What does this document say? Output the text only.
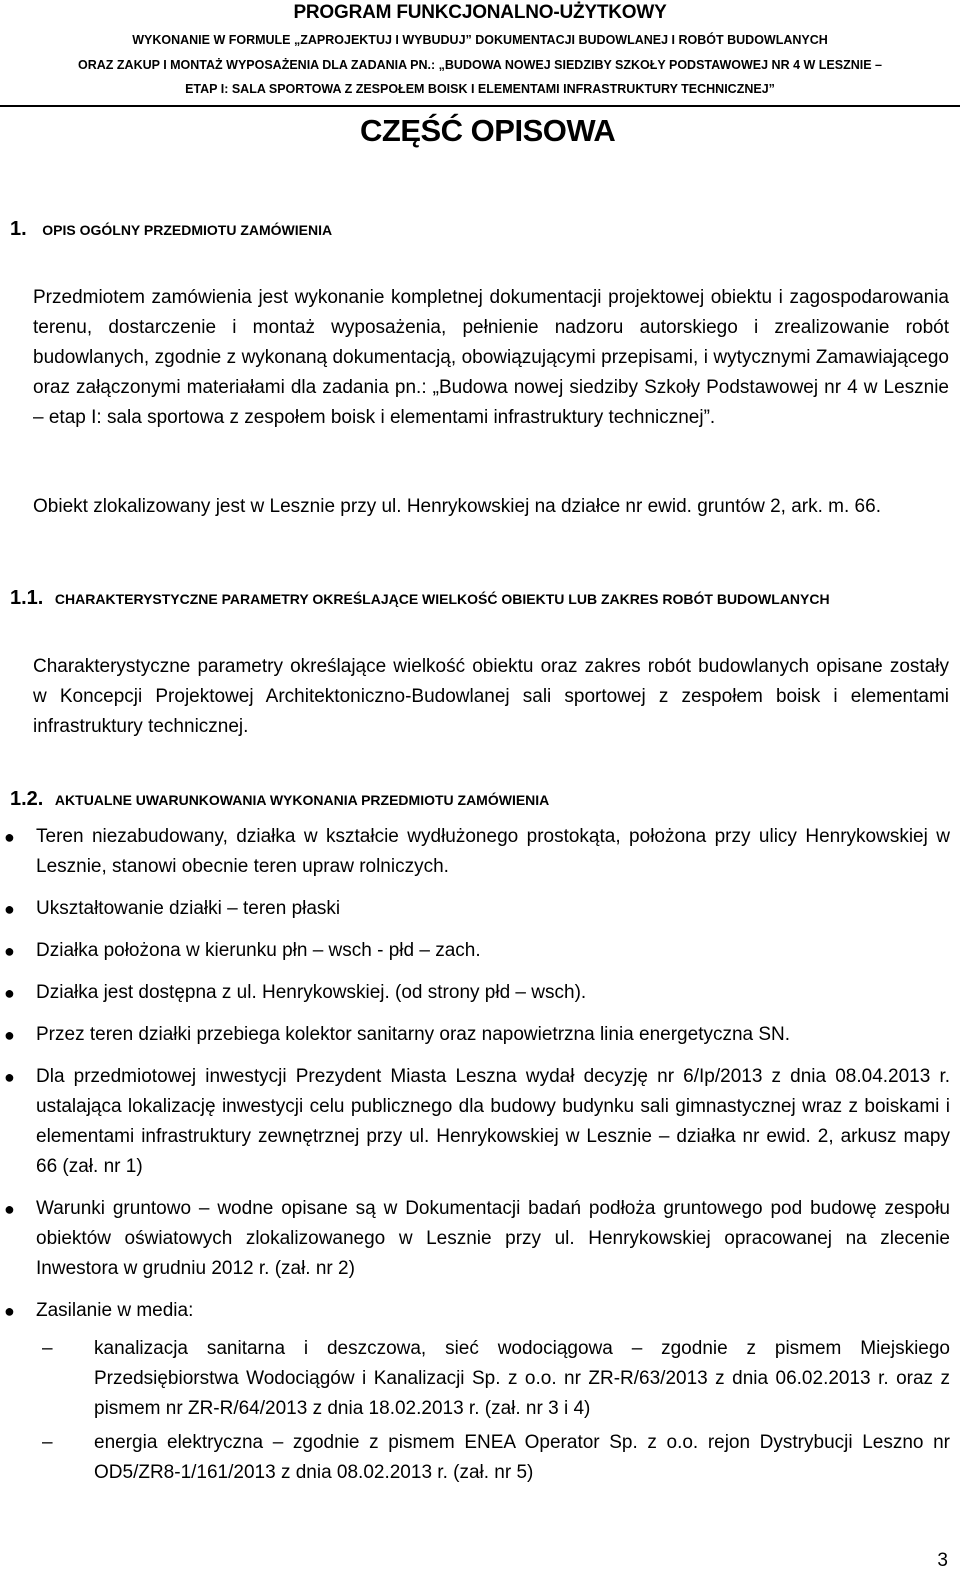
PROGRAM FUNKCJONALNO-UŻYTKOWY
WYKONANIE W FORMULE „ZAPROJEKTUJ I WYBUDUJ” DOKUMENTACJI BUDOWLANEJ I ROBÓT BUDOWLANYCH
ORAZ ZAKUP I MONTAŻ WYPOSAŻENIA DLA ZADANIA PN.: „BUDOWA NOWEJ SIEDZIBY SZKOŁY PODSTAWOWEJ NR 4 W LESZNIE –
ETAP I: SALA SPORTOWA Z ZESPOŁEM BOISK I ELEMENTAMI INFRASTRUKTURY TECHNICZNEJ”
CZĘŚĆ OPISOWA
1. OPIS OGÓLNY PRZEDMIOTU ZAMÓWIENIA
Przedmiotem zamówienia jest wykonanie kompletnej dokumentacji projektowej obiektu i zagospodarowania terenu, dostarczenie i montaż wyposażenia, pełnienie nadzoru autorskiego i zrealizowanie robót budowlanych, zgodnie z wykonaną dokumentacją, obowiązującymi przepisami, i wytycznymi Zamawiającego oraz załączonymi materiałami dla zadania pn.: „Budowa nowej siedziby Szkoły Podstawowej nr 4 w Lesznie – etap I: sala sportowa z zespołem boisk i elementami infrastruktury technicznej”.
Obiekt zlokalizowany jest w Lesznie przy ul. Henrykowskiej na działce nr ewid. gruntów 2, ark. m. 66.
1.1. CHARAKTERYSTYCZNE PARAMETRY OKREŚLAJĄCE WIELKOŚĆ OBIEKTU LUB ZAKRES ROBÓT BUDOWLANYCH
Charakterystyczne parametry określające wielkość obiektu oraz zakres robót budowlanych opisane zostały w Koncepcji Projektowej Architektoniczno-Budowlanej sali sportowej z zespołem boisk i elementami infrastruktury technicznej.
1.2. AKTUALNE UWARUNKOWANIA WYKONANIA PRZEDMIOTU ZAMÓWIENIA
● Teren niezabudowany, działka w kształcie wydłużonego prostokąta, położona przy ulicy Henrykowskiej w Lesznie, stanowi obecnie teren upraw rolniczych.
● Ukształtowanie działki – teren płaski
● Działka położona w kierunku płn – wsch - płd – zach.
● Działka jest dostępna z ul. Henrykowskiej. (od strony płd – wsch).
● Przez teren działki przebiega kolektor sanitarny oraz napowietrzna linia energetyczna SN.
● Dla przedmiotowej inwestycji Prezydent Miasta Leszna wydał decyzję nr 6/Ip/2013 z dnia 08.04.2013 r. ustalająca lokalizację inwestycji celu publicznego dla budowy budynku sali gimnastycznej wraz z boiskami i elementami infrastruktury zewnętrznej przy ul. Henrykowskiej w Lesznie – działka nr ewid. 2, arkusz mapy 66 (zał. nr 1)
● Warunki gruntowo – wodne opisane są w Dokumentacji badań podłoża gruntowego pod budowę zespołu obiektów oświatowych zlokalizowanego w Lesznie przy ul. Henrykowskiej opracowanej na zlecenie Inwestora w grudniu 2012 r. (zał. nr 2)
● Zasilanie w media:
– kanalizacja sanitarna i deszczowa, sieć wodociągowa – zgodnie z pismem Miejskiego Przedsiębiorstwa Wodociągów i Kanalizacji Sp. z o.o. nr ZR-R/63/2013 z dnia 06.02.2013 r. oraz z pismem nr ZR-R/64/2013 z dnia 18.02.2013 r. (zał. nr 3 i 4)
– energia elektryczna – zgodnie z pismem ENEA Operator Sp. z o.o. rejon Dystrybucji Leszno nr OD5/ZR8-1/161/2013 z dnia 08.02.2013 r. (zał. nr 5)
3
